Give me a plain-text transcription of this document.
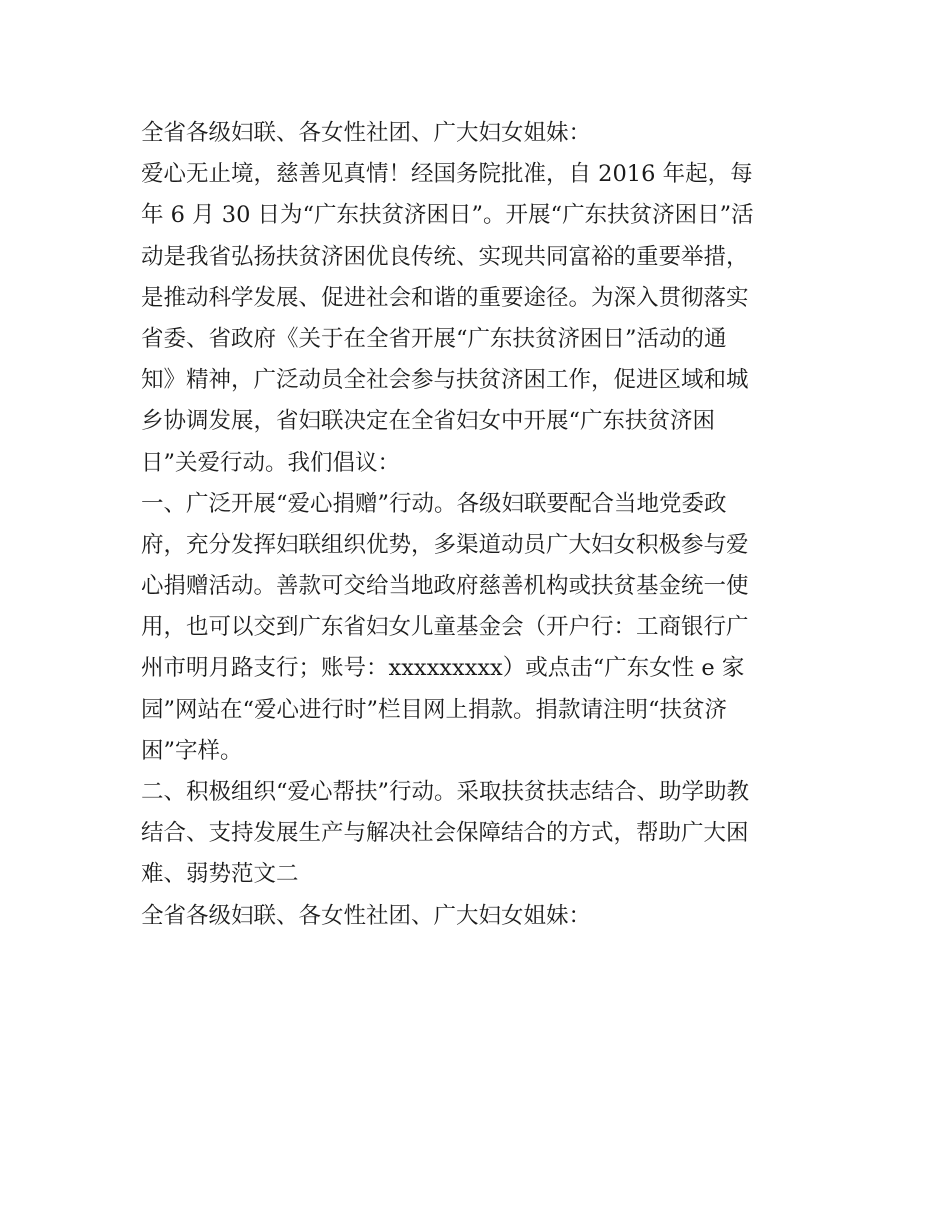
全省各级妇联、各女性社团、广大妇女姐妹：
爱心无止境，慈善见真情！经国务院批准，自 2016 年起，每
年 6 月 30 日为“广东扶贫济困日”。开展“广东扶贫济困日”活
动是我省弘扬扶贫济困优良传统、实现共同富裕的重要举措，
是推动科学发展、促进社会和谐的重要途径。为深入贯彻落实
省委、省政府《关于在全省开展“广东扶贫济困日”活动的通
知》精神，广泛动员全社会参与扶贫济困工作，促进区域和城
乡协调发展，省妇联决定在全省妇女中开展“广东扶贫济困
日”关爱行动。我们倡议：
一、广泛开展“爱心捐赠”行动。各级妇联要配合当地党委政
府，充分发挥妇联组织优势，多渠道动员广大妇女积极参与爱
心捐赠活动。善款可交给当地政府慈善机构或扶贫基金统一使
用，也可以交到广东省妇女儿童基金会（开户行：工商银行广
州市明月路支行；账号：xxxxxxxxx）或点击“广东女性 e 家
园”网站在“爱心进行时”栏目网上捐款。捐款请注明“扶贫济
困”字样。
二、积极组织“爱心帮扶”行动。采取扶贫扶志结合、助学助教
结合、支持发展生产与解决社会保障结合的方式，帮助广大困
难、弱势范文二
全省各级妇联、各女性社团、广大妇女姐妹：
